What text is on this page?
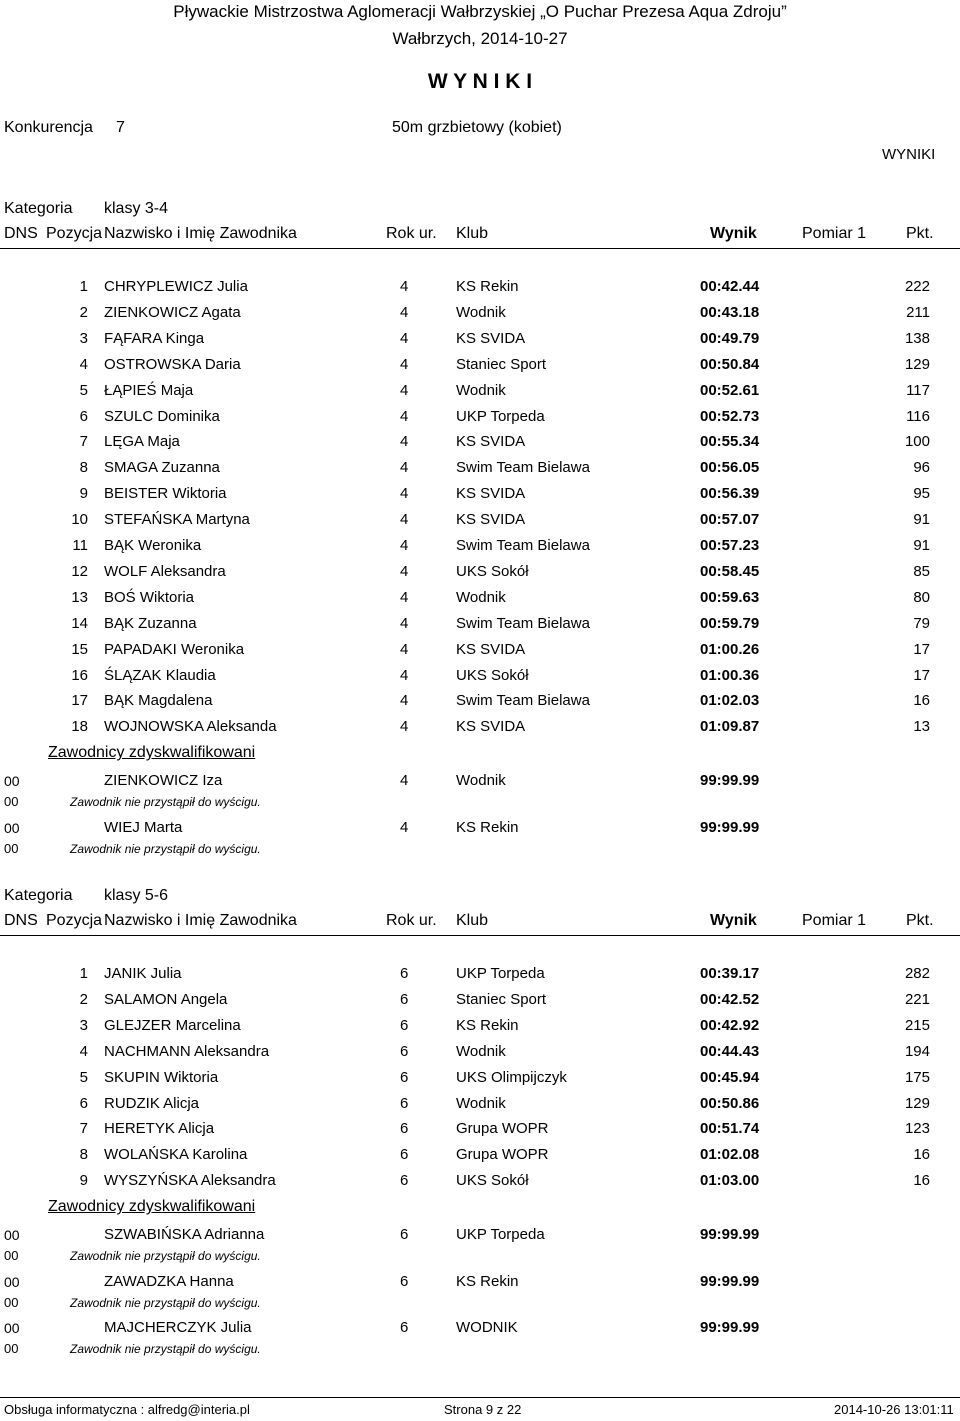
Pływackie Mistrzostwa Aglomeracji Wałbrzyskiej „O Puchar Prezesa Aqua Zdroju”
Wałbrzych, 2014-10-27
W Y N I K I
Konkurencja 7	50m grzbietowy (kobiet)
WYNIKI
Kategoria klasy 3-4
DNS Pozycja Nazwisko i Imię Zawodnika	Rok ur. Klub	Wynik	Pomiar 1 Pkt.
1 CHRYPLEWICZ Julia	4	KS Rekin	00:42.44	222
2 ZIENKOWICZ Agata	4	Wodnik	00:43.18	211
3 FĄFARA Kinga	4	KS SVIDA	00:49.79	138
4 OSTROWSKA Daria	4	Staniec Sport	00:50.84	129
5 ŁĄPIEŚ Maja	4	Wodnik	00:52.61	117
6 SZULC Dominika	4	UKP Torpeda	00:52.73	116
7 LĘGA Maja	4	KS SVIDA	00:55.34	100
8 SMAGA Zuzanna	4	Swim Team Bielawa	00:56.05	96
9 BEISTER Wiktoria	4	KS SVIDA	00:56.39	95
10 STEFAŃSKA Martyna	4	KS SVIDA	00:57.07	91
11 BĄK Weronika	4	Swim Team Bielawa	00:57.23	91
12 WOLF Aleksandra	4	UKS Sokół	00:58.45	85
13 BOŚ Wiktoria	4	Wodnik	00:59.63	80
14 BĄK Zuzanna	4	Swim Team Bielawa	00:59.79	79
15 PAPADAKI Weronika	4	KS SVIDA	01:00.26	17
16 ŚLĄZAK Klaudia	4	UKS Sokół	01:00.36	17
17 BĄK Magdalena	4	Swim Team Bielawa	01:02.03	16
18 WOJNOWSKA Aleksanda	4	KS SVIDA	01:09.87	13
Zawodnicy zdyskwalifikowani
00	ZIENKOWICZ Iza	4	Wodnik	99:99.99
00	Zawodnik nie przystąpił do wyścigu.
00	WIEJ Marta	4	KS Rekin	99:99.99
00	Zawodnik nie przystąpił do wyścigu.
Kategoria klasy 5-6
DNS Pozycja Nazwisko i Imię Zawodnika	Rok ur. Klub	Wynik	Pomiar 1 Pkt.
1 JANIK Julia	6	UKP Torpeda	00:39.17	282
2 SALAMON Angela	6	Staniec Sport	00:42.52	221
3 GLEJZER Marcelina	6	KS Rekin	00:42.92	215
4 NACHMANN Aleksandra	6	Wodnik	00:44.43	194
5 SKUPIN Wiktoria	6	UKS Olimpijczyk	00:45.94	175
6 RUDZIK Alicja	6	Wodnik	00:50.86	129
7 HERETYK Alicja	6	Grupa WOPR	00:51.74	123
8 WOLAŃSKA Karolina	6	Grupa WOPR	01:02.08	16
9 WYSZYŃSKA Aleksandra	6	UKS Sokół	01:03.00	16
Zawodnicy zdyskwalifikowani
00	SZWABIŃSKA Adrianna	6	UKP Torpeda	99:99.99
00	Zawodnik nie przystąpił do wyścigu.
00	ZAWADZKA Hanna	6	KS Rekin	99:99.99
00	Zawodnik nie przystąpił do wyścigu.
00	MAJCHERCZYK Julia	6	WODNIK	99:99.99
00	Zawodnik nie przystąpił do wyścigu.
Obsługa informatyczna : alfredg@interia.pl	Strona 9 z 22	2014-10-26 13:01:11
